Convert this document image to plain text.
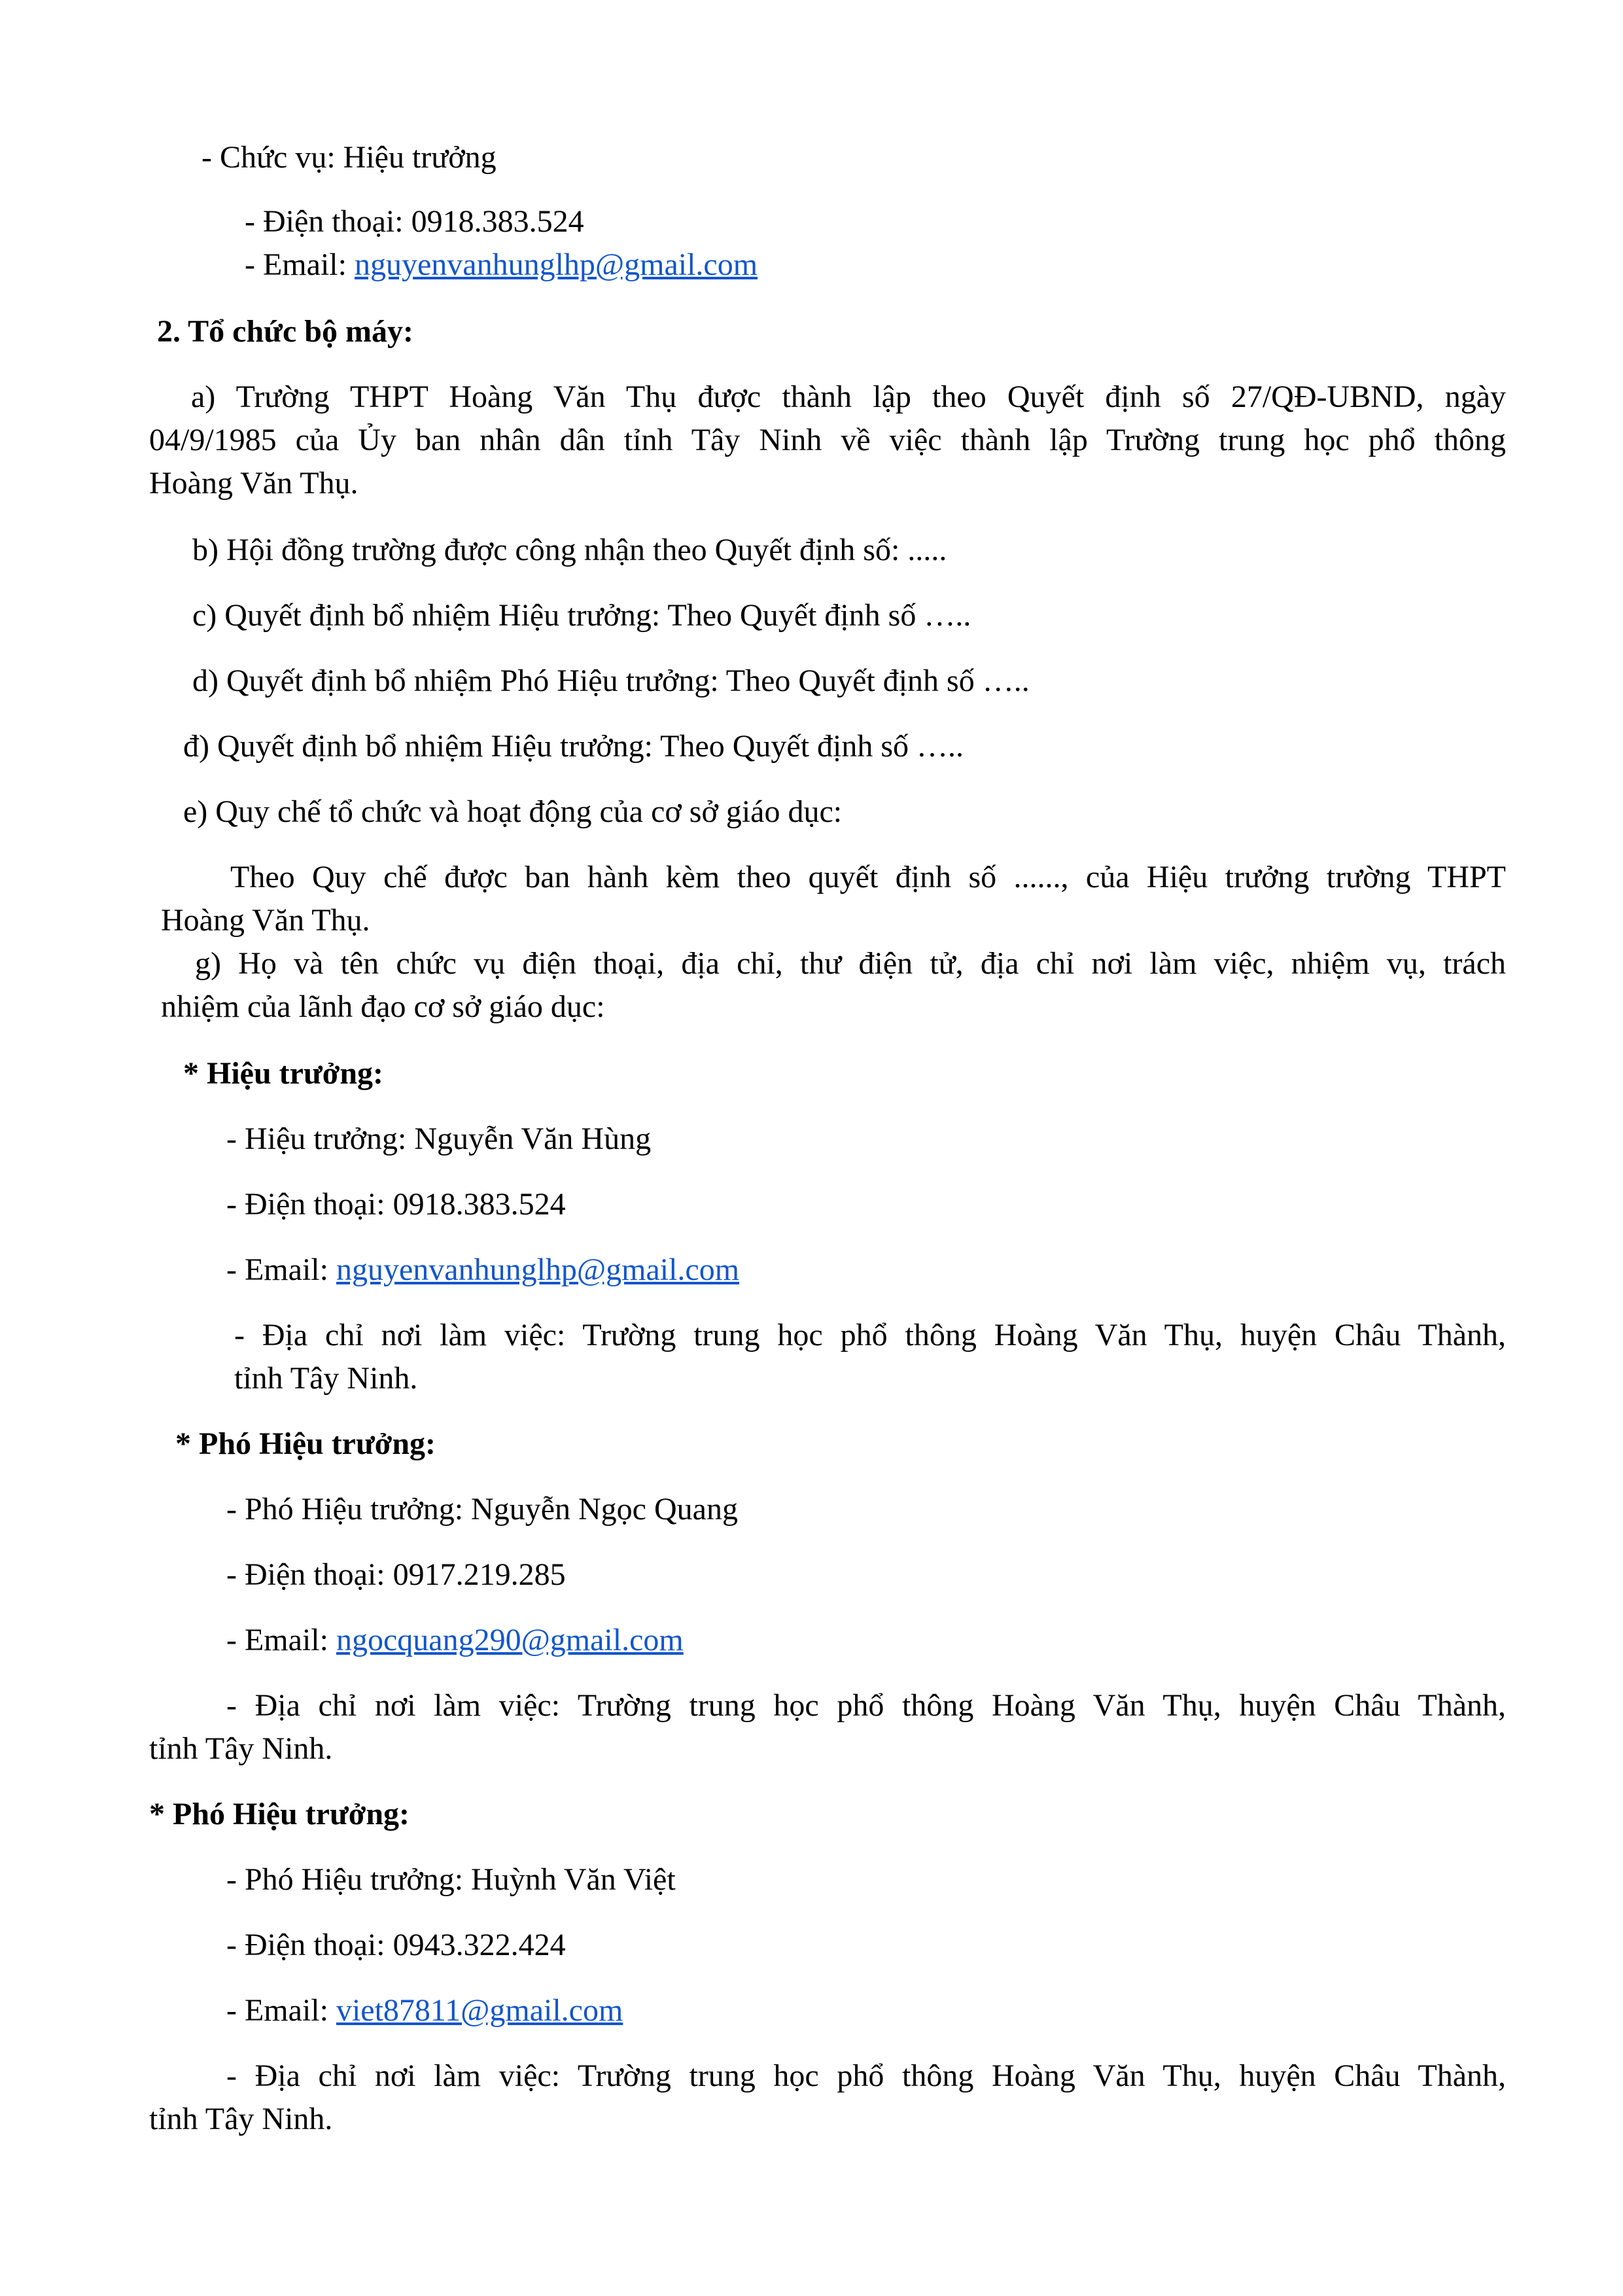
- Chức vụ: Hiệu trưởng
- Điện thoại: 0918.383.524
- Email: nguyenvanhunglhp@gmail.com
2. Tổ chức bộ máy:
a) Trường THPT Hoàng Văn Thụ được thành lập theo Quyết định số 27/QĐ-UBND, ngày
04/9/1985 của Ủy ban nhân dân tỉnh Tây Ninh về việc thành lập Trường trung học phổ thông
Hoàng Văn Thụ.
b) Hội đồng trường được công nhận theo Quyết định số: .....
c) Quyết định bổ nhiệm Hiệu trưởng: Theo Quyết định số …..
d) Quyết định bổ nhiệm Phó Hiệu trưởng: Theo Quyết định số …..
đ) Quyết định bổ nhiệm Hiệu trưởng: Theo Quyết định số …..
e) Quy chế tổ chức và hoạt động của cơ sở giáo dục:
Theo Quy chế được ban hành kèm theo quyết định số ......, của Hiệu trưởng trường THPT
Hoàng Văn Thụ.
g) Họ và tên chức vụ điện thoại, địa chỉ, thư điện tử, địa chỉ nơi làm việc, nhiệm vụ, trách
nhiệm của lãnh đạo cơ sở giáo dục:
* Hiệu trưởng:
- Hiệu trưởng: Nguyễn Văn Hùng
- Điện thoại: 0918.383.524
- Email: nguyenvanhunglhp@gmail.com
- Địa chỉ nơi làm việc: Trường trung học phổ thông Hoàng Văn Thụ, huyện Châu Thành,
tỉnh Tây Ninh.
* Phó Hiệu trưởng:
- Phó Hiệu trưởng: Nguyễn Ngọc Quang
- Điện thoại: 0917.219.285
- Email: ngocquang290@gmail.com
- Địa chỉ nơi làm việc: Trường trung học phổ thông Hoàng Văn Thụ, huyện Châu Thành,
tỉnh Tây Ninh.
* Phó Hiệu trưởng:
- Phó Hiệu trưởng: Huỳnh Văn Việt
- Điện thoại: 0943.322.424
- Email: viet87811@gmail.com
- Địa chỉ nơi làm việc: Trường trung học phổ thông Hoàng Văn Thụ, huyện Châu Thành,
tỉnh Tây Ninh.
